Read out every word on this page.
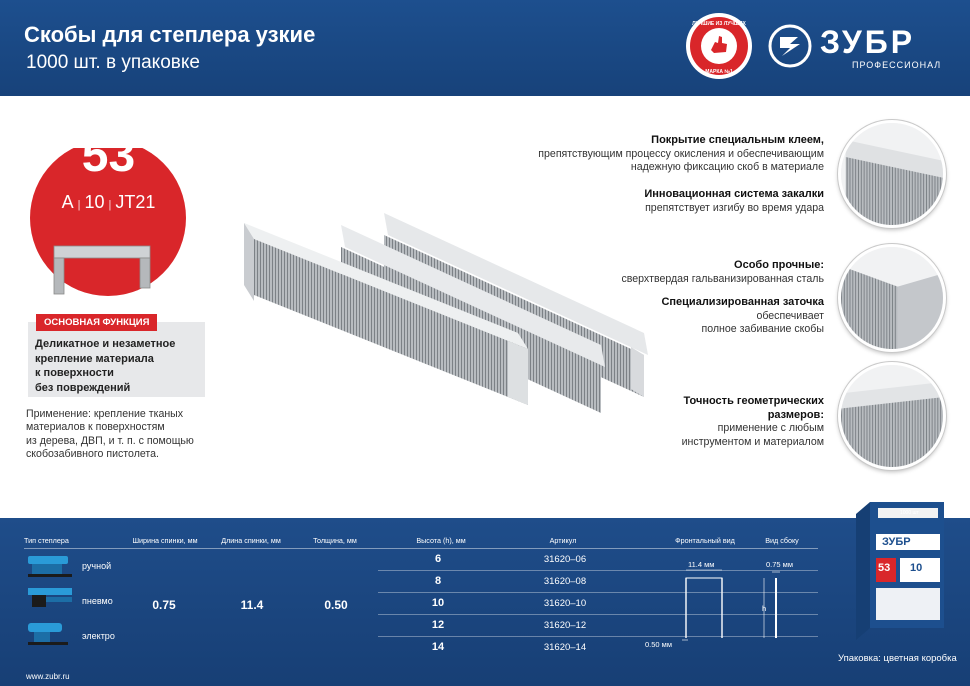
Скобы для степлера узкие
1000 шт. в упаковке
ЛУЧШИЕ ИЗ ЛУЧШИХ
МАРКА №1
ЗУБР
ПРОФЕССИОНАЛ
53
A | 10 | JT21
ОСНОВНАЯ ФУНКЦИЯ
Деликатное и незаметное
крепление материала
к поверхности
без повреждений
Применение: крепление тканых
материалов к поверхностям
из дерева, ДВП, и т. п. с помощью
скобозабивного пистолета.
Покрытие специальным клеем,
препятствующим процессу окисления и обеспечивающим
надежную фиксацию скоб в материале
Инновационная система закалки
препятствует изгибу во время удара
Особо прочные:
сверхтвердая гальванизированная сталь
Специализированная заточка
обеспечивает
полное забивание скобы
Точность геометрических
размеров:
применение с любым
инструментом и материалом
Тип степлера	Ширина спинки, мм	Длина спинки, мм	Толщина, мм	Высота (h), мм	Артикул	Фронтальный вид	Вид сбоку
ручной
пневмо
электро
0.75	11.4	0.50
6	31620–06
8	31620–08
10	31620–10
12	31620–12
14	31620–14
11.4 мм
0.50 мм
0.75 мм
h
1000 шт
ЗУБР
53 10
Упаковка: цветная коробка
www.zubr.ru
